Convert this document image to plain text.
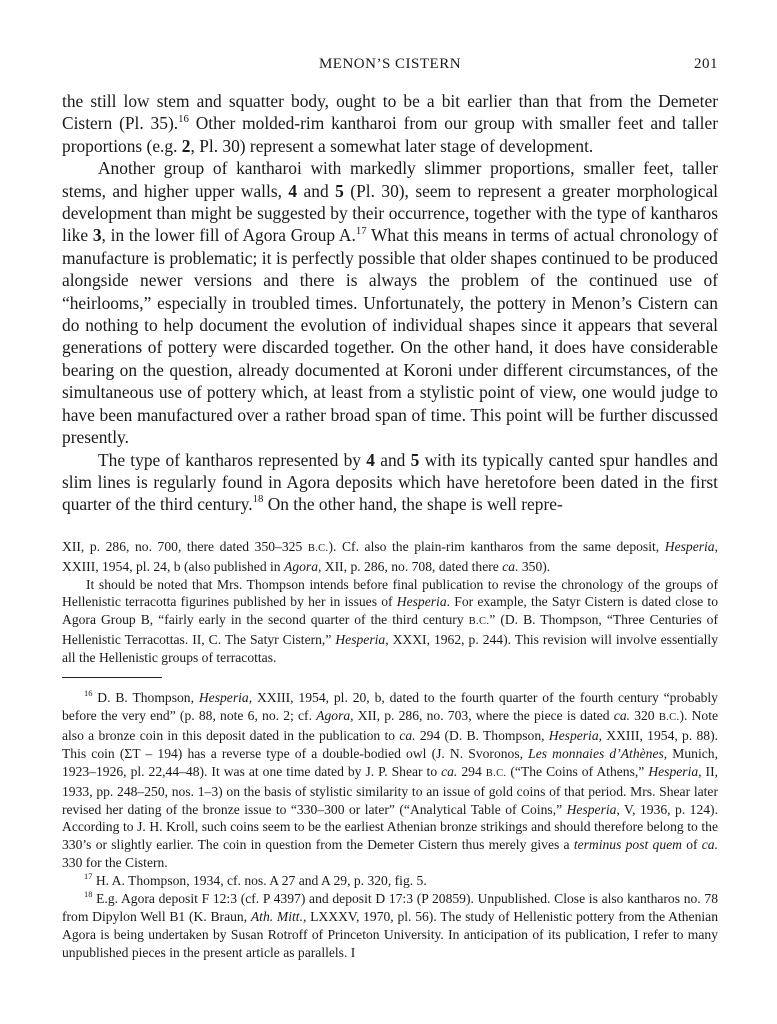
MENON’S CISTERN	201

the still low stem and squatter body, ought to be a bit earlier than that from the Demeter Cistern (Pl. 35).$^{16}$ Other molded-rim kantharoi from our group with smaller feet and taller proportions (e.g. 2, Pl. 30) represent a somewhat later stage of development.

Another group of kantharoi with markedly slimmer proportions, smaller feet, taller stems, and higher upper walls, 4 and 5 (Pl. 30), seem to represent a greater morphological development than might be suggested by their occurrence, together with the type of kantharos like 3, in the lower fill of Agora Group A.$^{17}$ What this means in terms of actual chronology of manufacture is problematic; it is perfectly possible that older shapes continued to be produced alongside newer versions and there is always the problem of the continued use of “heirlooms,” especially in troubled times. Unfortunately, the pottery in Menon’s Cistern can do nothing to help document the evolution of individual shapes since it appears that several generations of pottery were discarded together. On the other hand, it does have considerable bearing on the question, already documented at Koroni under different circumstances, of the simultaneous use of pottery which, at least from a stylistic point of view, one would judge to have been manufactured over a rather broad span of time. This point will be further discussed presently.

The type of kantharos represented by 4 and 5 with its typically canted spur handles and slim lines is regularly found in Agora deposits which have heretofore been dated in the first quarter of the third century.$^{18}$ On the other hand, the shape is well repre-

XII, p. 286, no. 700, there dated 350–325 B.C.). Cf. also the plain-rim kantharos from the same deposit, Hesperia, XXIII, 1954, pl. 24, b (also published in Agora, XII, p. 286, no. 708, dated there ca. 350).

It should be noted that Mrs. Thompson intends before final publication to revise the chronology of the groups of Hellenistic terracotta figurines published by her in issues of Hesperia. For example, the Satyr Cistern is dated close to Agora Group B, “fairly early in the second quarter of the third century B.C.” (D. B. Thompson, “Three Centuries of Hellenistic Terracottas. II, C. The Satyr Cistern,” Hesperia, XXXI, 1962, p. 244). This revision will involve essentially all the Hellenistic groups of terracottas.

$^{16}$ D. B. Thompson, Hesperia, XXIII, 1954, pl. 20, b, dated to the fourth quarter of the fourth century “probably before the very end” (p. 88, note 6, no. 2; cf. Agora, XII, p. 286, no. 703, where the piece is dated ca. 320 B.C.). Note also a bronze coin in this deposit dated in the publication to ca. 294 (D. B. Thompson, Hesperia, XXIII, 1954, p. 88). This coin (ΣT – 194) has a reverse type of a double-bodied owl (J. N. Svoronos, Les monnaies d’Athènes, Munich, 1923–1926, pl. 22,44–48). It was at one time dated by J. P. Shear to ca. 294 B.C. (“The Coins of Athens,” Hesperia, II, 1933, pp. 248–250, nos. 1–3) on the basis of stylistic similarity to an issue of gold coins of that period. Mrs. Shear later revised her dating of the bronze issue to “330–300 or later” (“Analytical Table of Coins,” Hesperia, V, 1936, p. 124). According to J. H. Kroll, such coins seem to be the earliest Athenian bronze strikings and should therefore belong to the 330’s or slightly earlier. The coin in question from the Demeter Cistern thus merely gives a terminus post quem of ca. 330 for the Cistern.

$^{17}$ H. A. Thompson, 1934, cf. nos. A 27 and A 29, p. 320, fig. 5.

$^{18}$ E.g. Agora deposit F 12:3 (cf. P 4397) and deposit D 17:3 (P 20859). Unpublished. Close is also kantharos no. 78 from Dipylon Well B1 (K. Braun, Ath. Mitt., LXXXV, 1970, pl. 56). The study of Hellenistic pottery from the Athenian Agora is being undertaken by Susan Rotroff of Princeton University. In anticipation of its publication, I refer to many unpublished pieces in the present article as parallels. I
